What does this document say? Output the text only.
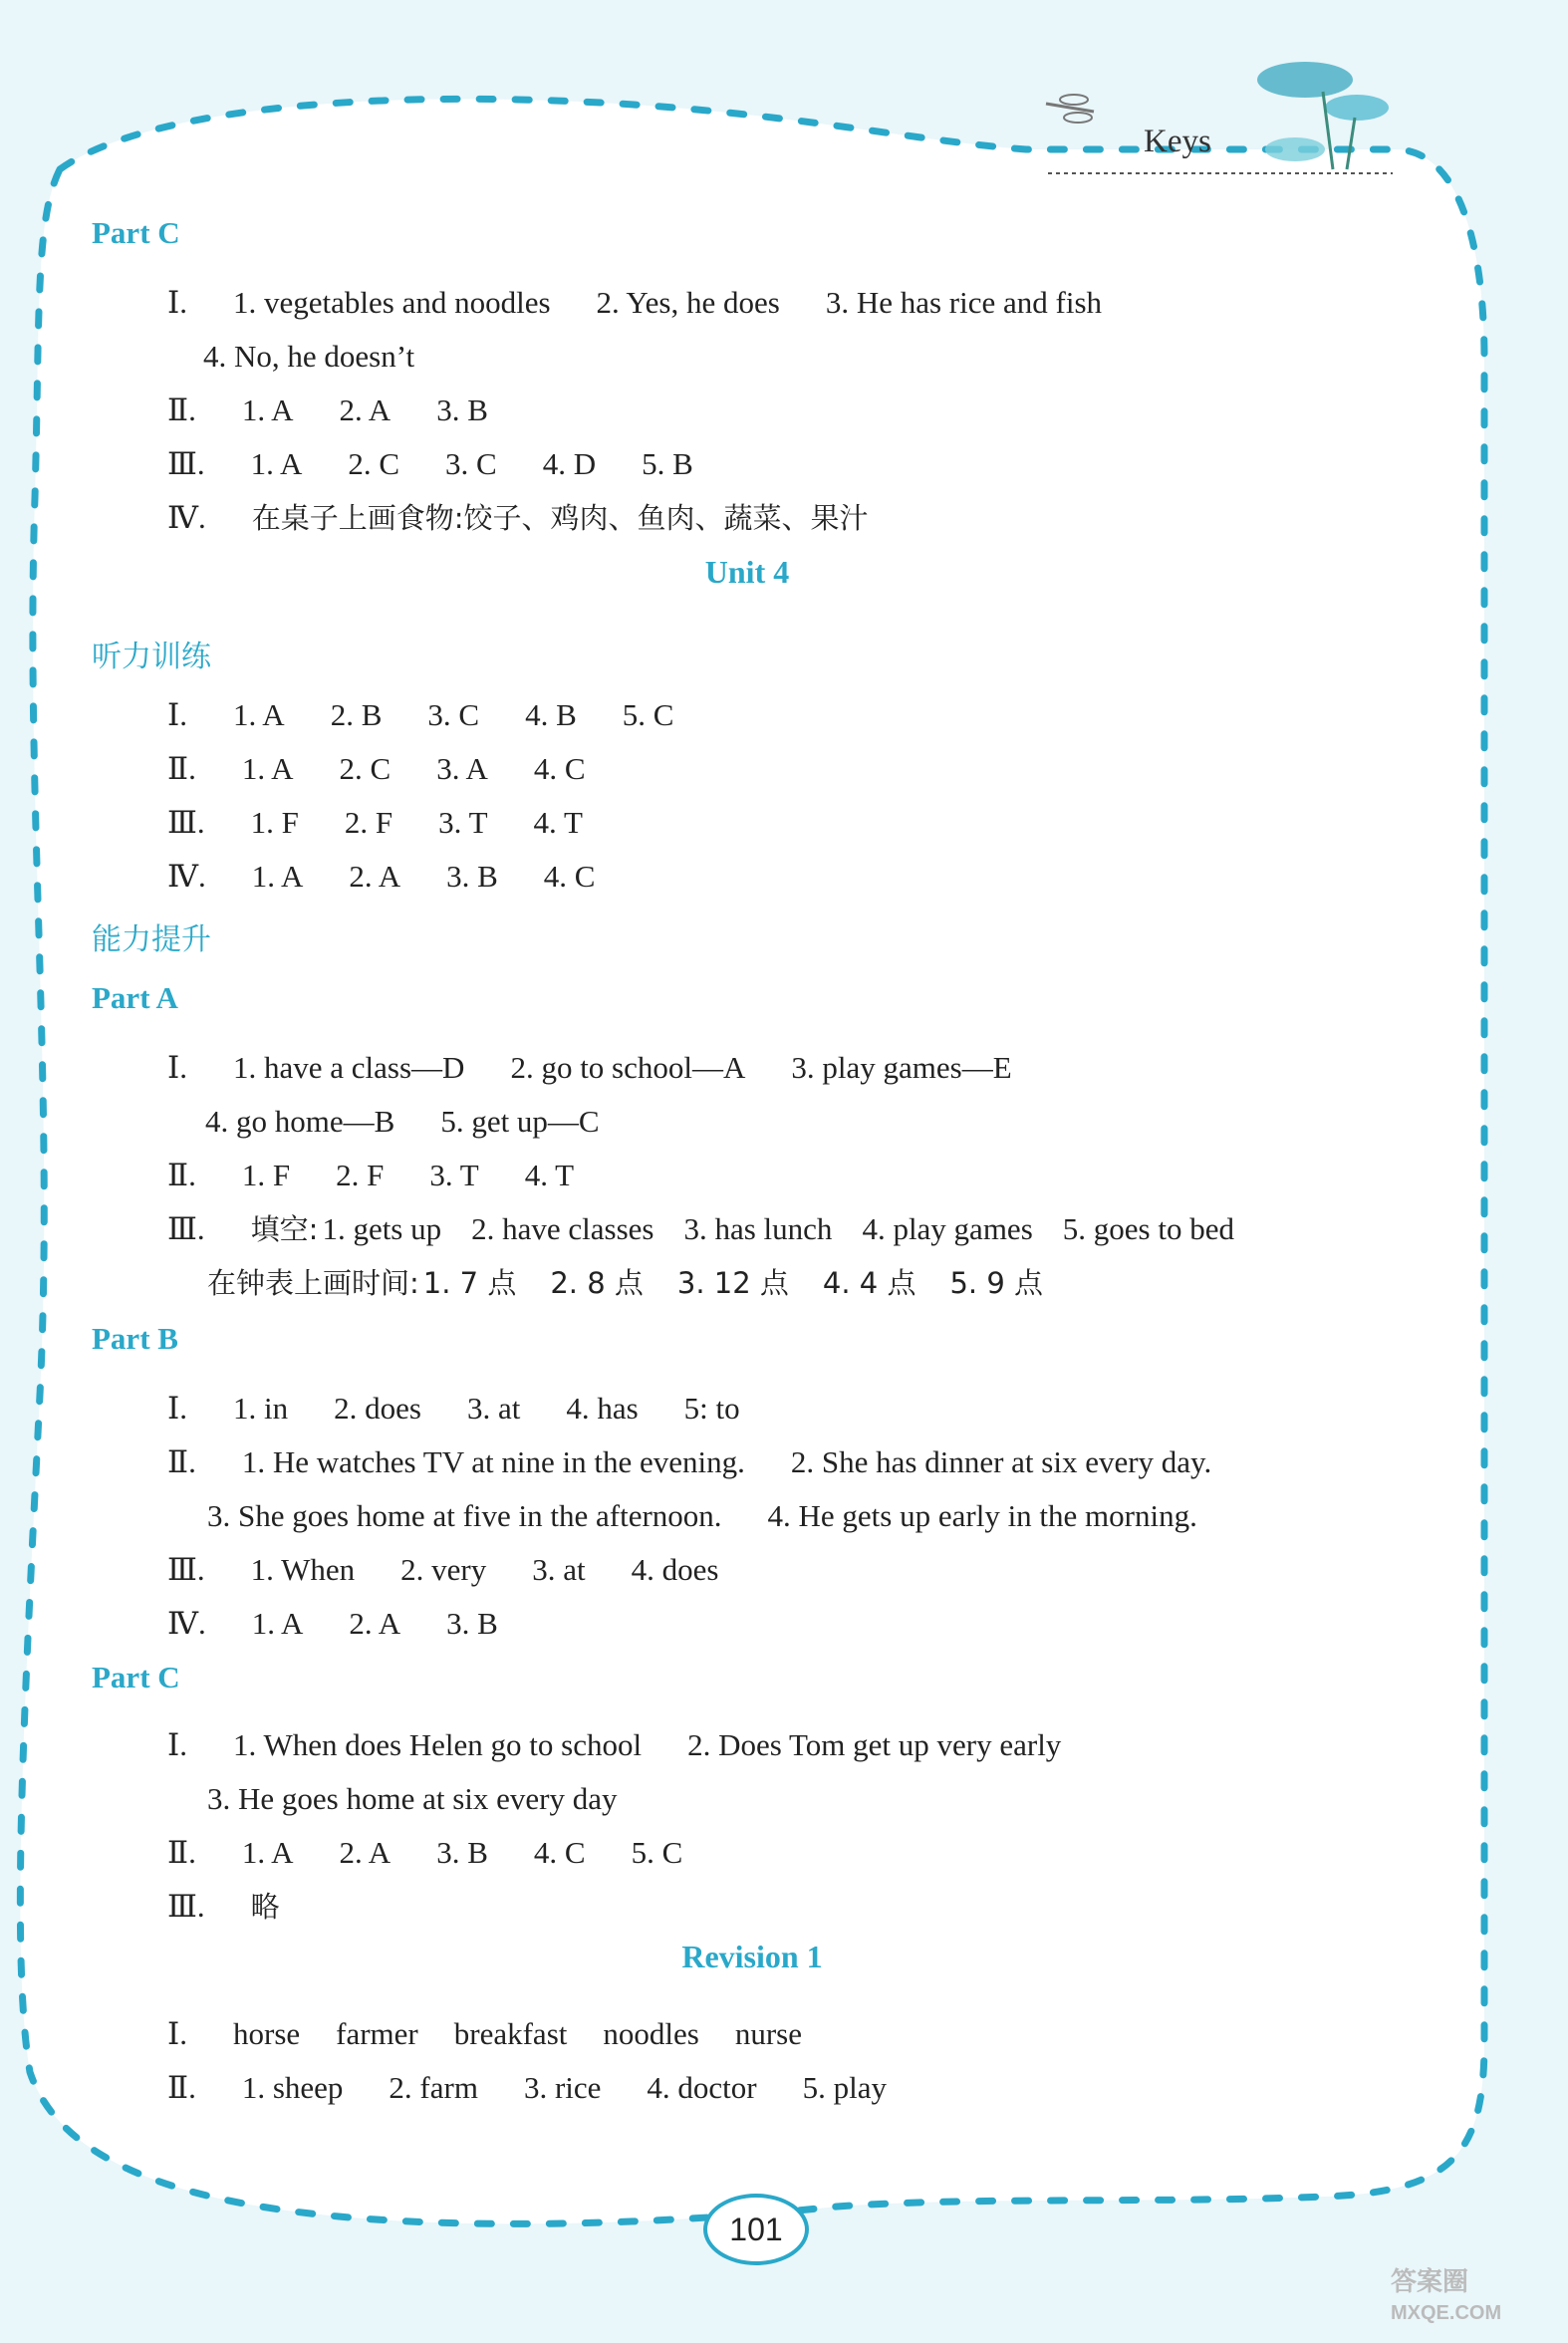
Keys
Part C
Ⅰ. 1. vegetables and noodles 2. Yes, he does 3. He has rice and fish
4. No, he doesn’t
Ⅱ. 1. A 2. A 3. B
Ⅲ. 1. A 2. C 3. C 4. D 5. B
Ⅳ. 在桌子上画食物:饺子、鸡肉、鱼肉、蔬菜、果汁
Unit 4
听力训练
Ⅰ. 1. A 2. B 3. C 4. B 5. C
Ⅱ. 1. A 2. C 3. A 4. C
Ⅲ. 1. F 2. F 3. T 4. T
Ⅳ. 1. A 2. A 3. B 4. C
能力提升
Part A
Ⅰ. 1. have a class—D 2. go to school—A 3. play games—E
4. go home—B 5. get up—C
Ⅱ. 1. F 2. F 3. T 4. T
Ⅲ. 填空: 1. gets up 2. have classes 3. has lunch 4. play games 5. goes to bed
在钟表上画时间: 1. 7 点 2. 8 点 3. 12 点 4. 4 点 5. 9 点
Part B
Ⅰ. 1. in 2. does 3. at 4. has 5: to
Ⅱ. 1. He watches TV at nine in the evening. 2. She has dinner at six every day.
3. She goes home at five in the afternoon. 4. He gets up early in the morning.
Ⅲ. 1. When 2. very 3. at 4. does
Ⅳ. 1. A 2. A 3. B
Part C
Ⅰ. 1. When does Helen go to school 2. Does Tom get up very early
3. He goes home at six every day
Ⅱ. 1. A 2. A 3. B 4. C 5. C
Ⅲ. 略
Revision 1
Ⅰ. horse farmer breakfast noodles nurse
Ⅱ. 1. sheep 2. farm 3. rice 4. doctor 5. play
101
答案圈
MXQE.COM
